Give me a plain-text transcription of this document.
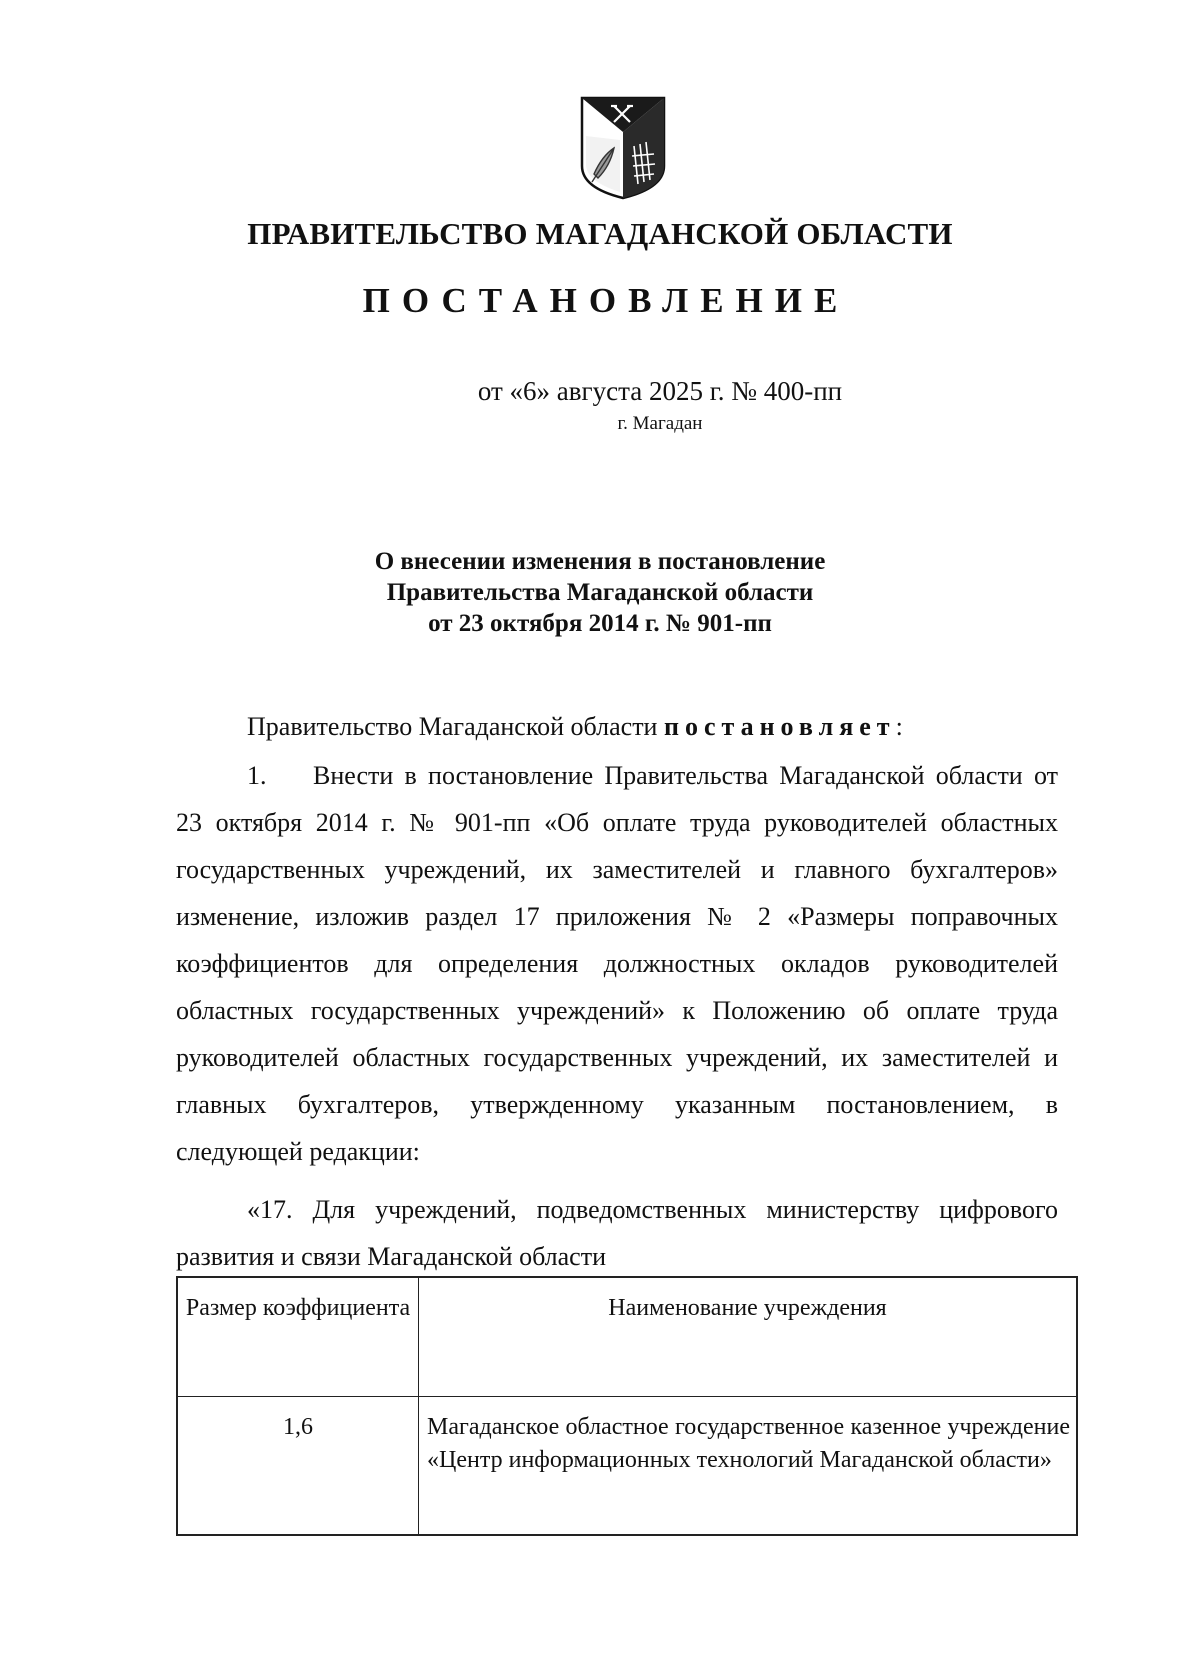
ПРАВИТЕЛЬСТВО МАГАДАНСКОЙ ОБЛАСТИ
ПОСТАНОВЛЕНИЕ
от «6» августа 2025 г. № 400-пп
г. Магадан
О внесении изменения в постановление
Правительства Магаданской области
от 23 октября 2014 г. № 901-пп
Правительство Магаданской области постановляет:
1. Внести в постановление Правительства Магаданской области от 23 октября 2014 г. № 901-пп «Об оплате труда руководителей областных государственных учреждений, их заместителей и главного бухгалтеров» изменение, изложив раздел 17 приложения № 2 «Размеры поправочных коэффициентов для определения должностных окладов руководителей областных государственных учреждений» к Положению об оплате труда руководителей областных государственных учреждений, их заместителей и главных бухгалтеров, утвержденному указанным постановлением, в следующей редакции:
«17. Для учреждений, подведомственных министерству цифрового развития и связи Магаданской области
Размер коэффициента	Наименование учреждения
1,6	Магаданское областное государственное казенное учреждение «Центр информационных технологий Магаданской области»
